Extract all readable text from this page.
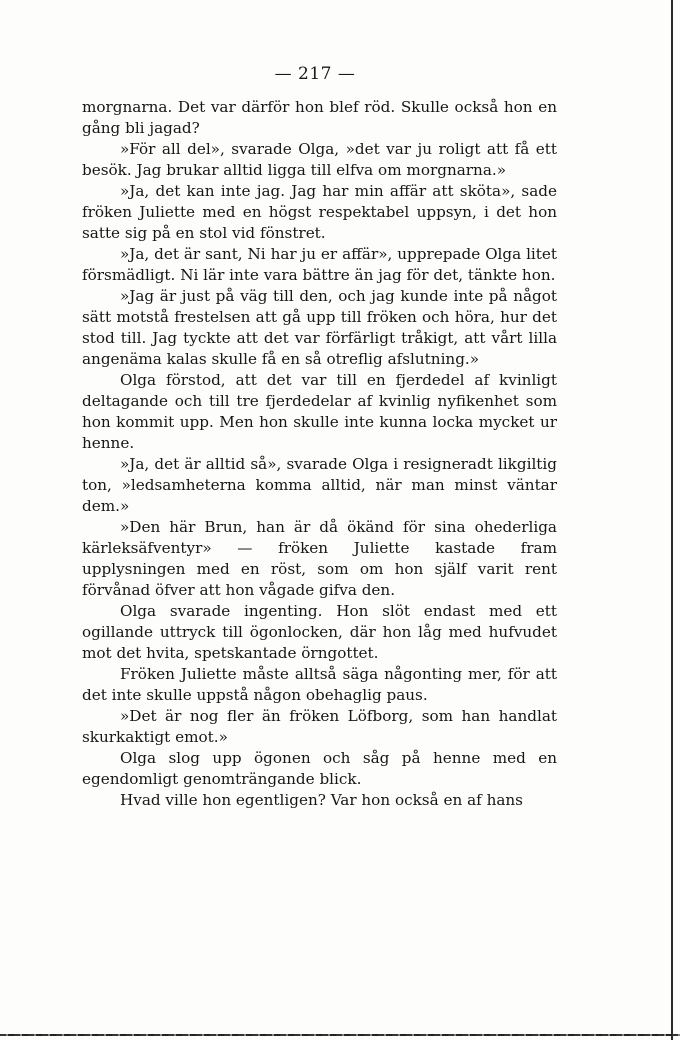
— 217 —

morgnarna. Det var därför hon blef röd. Skulle också hon en gång bli jagad?

»För all del», svarade Olga, »det var ju roligt att få ett besök. Jag brukar alltid ligga till elfva om morgnarna.»

»Ja, det kan inte jag. Jag har min affär att sköta», sade fröken Juliette med en högst respektabel uppsyn, i det hon satte sig på en stol vid fönstret.

»Ja, det är sant, Ni har ju er affär», upprepade Olga litet försmädligt. Ni lär inte vara bättre än jag för det, tänkte hon.

»Jag är just på väg till den, och jag kunde inte på något sätt motstå frestelsen att gå upp till fröken och höra, hur det stod till. Jag tyckte att det var förfärligt tråkigt, att vårt lilla angenäma kalas skulle få en så otreflig afslutning.»

Olga förstod, att det var till en fjerdedel af kvinligt deltagande och till tre fjerdedelar af kvinlig nyfikenhet som hon kommit upp. Men hon skulle inte kunna locka mycket ur henne.

»Ja, det är alltid så», svarade Olga i resigneradt likgiltig ton, »ledsamheterna komma alltid, när man minst väntar dem.»

»Den här Brun, han är då ökänd för sina ohederliga kärleksäfventyr» — fröken Juliette kastade fram upplysningen med en röst, som om hon själf varit rent förvånad öfver att hon vågade gifva den.

Olga svarade ingenting. Hon slöt endast med ett ogillande uttryck till ögonlocken, där hon låg med hufvudet mot det hvita, spetskantade örngottet.

Fröken Juliette måste alltså säga någonting mer, för att det inte skulle uppstå någon obehaglig paus.

»Det är nog fler än fröken Löfborg, som han handlat skurkaktigt emot.»

Olga slog upp ögonen och såg på henne med en egendomligt genomträngande blick.

Hvad ville hon egentligen? Var hon också en af hans
